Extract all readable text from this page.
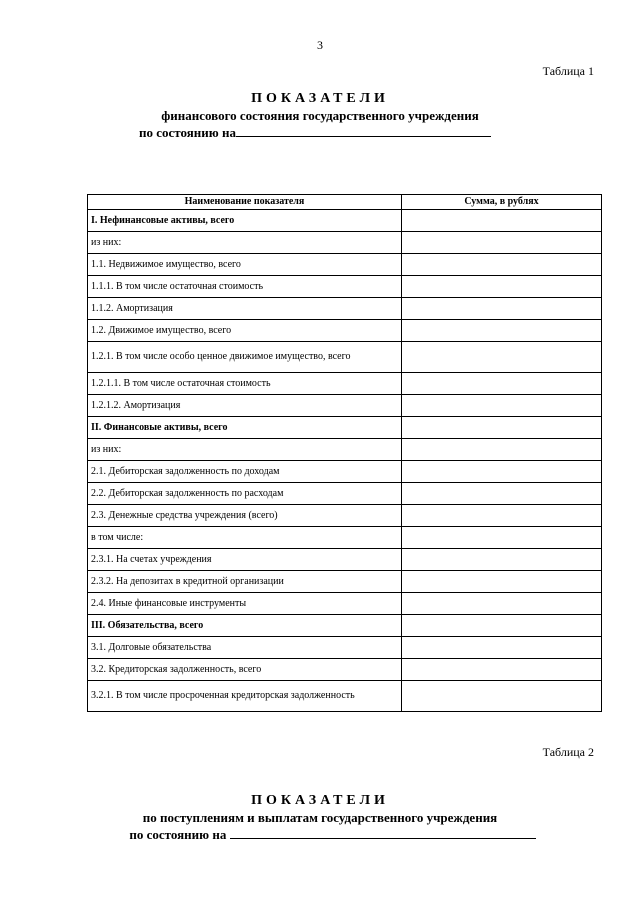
3
Таблица 1
ПОКАЗАТЕЛИ
финансового состояния государственного учреждения
по состоянию на
Наименование показателя	Сумма, в рублях
I. Нефинансовые активы, всего	
из них:	
1.1. Недвижимое имущество, всего	
1.1.1. В том числе остаточная стоимость	
1.1.2. Амортизация	
1.2. Движимое имущество, всего	
1.2.1. В том числе особо ценное движимое имущество, всего	
1.2.1.1. В том числе остаточная стоимость	
1.2.1.2. Амортизация	
II. Финансовые активы, всего	
из них:	
2.1. Дебиторская задолженность по доходам	
2.2. Дебиторская задолженность по расходам	
2.3. Денежные средства учреждения (всего)	
в том числе:	
2.3.1. На счетах учреждения	
2.3.2. На депозитах в кредитной организации	
2.4. Иные финансовые инструменты	
III. Обязательства, всего	
3.1. Долговые обязательства	
3.2. Кредиторская задолженность, всего	
3.2.1. В том числе просроченная кредиторская задолженность	
Таблица 2
ПОКАЗАТЕЛИ
по поступлениям и выплатам государственного учреждения
по состоянию на
